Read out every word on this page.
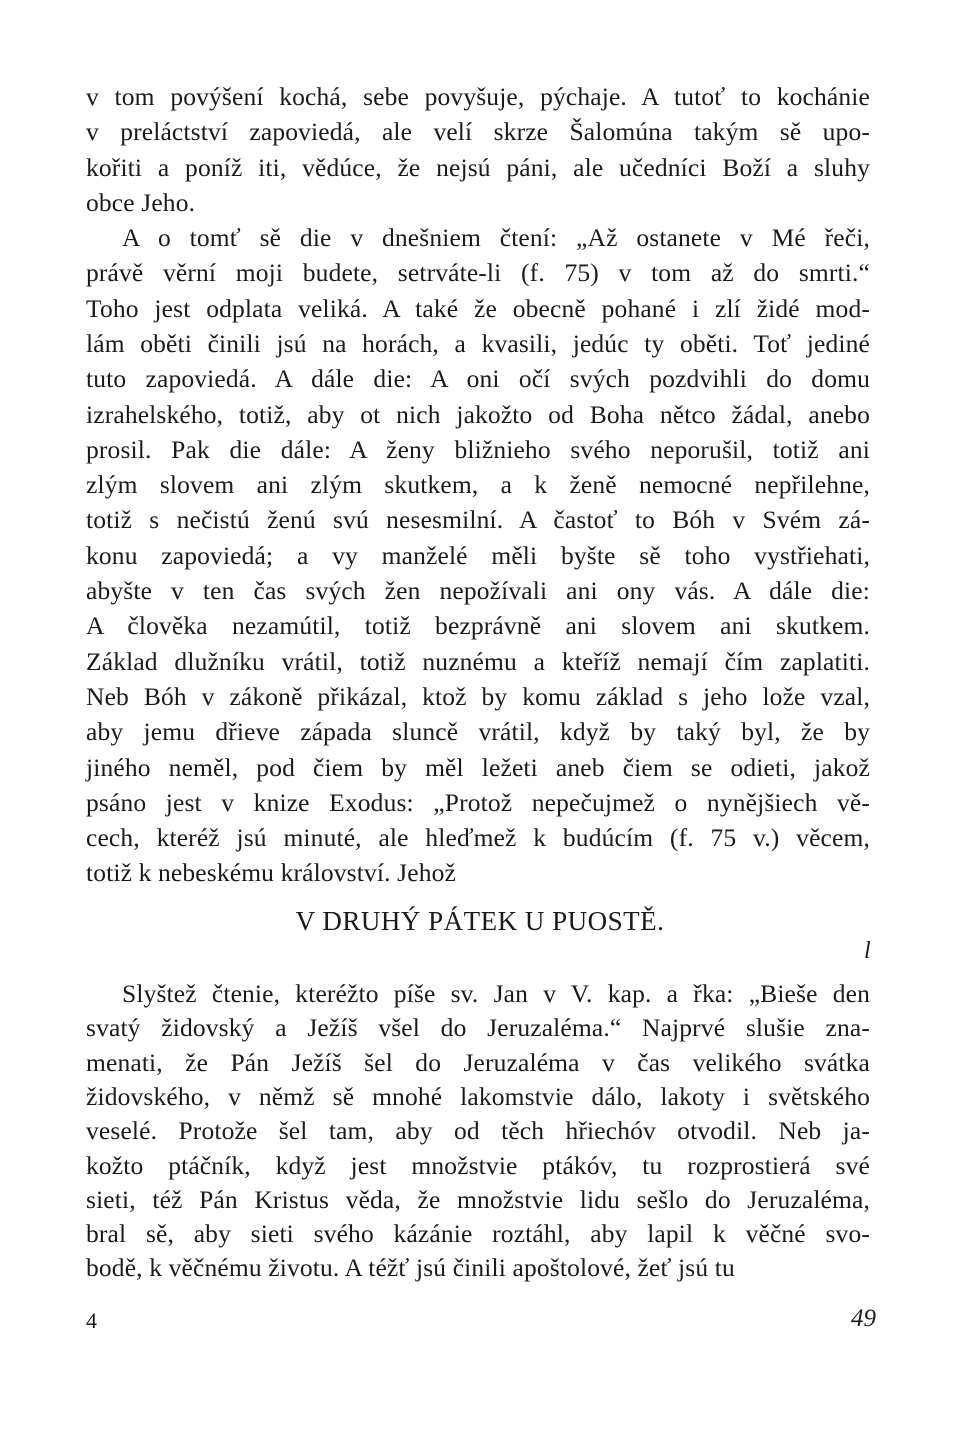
v tom povýšení kochá, sebe povyšuje, pýchaje. A tutoť to kochánie
v preláctství zapoviedá, ale velí skrze Šalomúna takým sě upo-
kořiti a poníž iti, vědúce, že nejsú páni, ale učedníci Boží a sluhy
obce Jeho.
A o tomť sě die v dnešniem čtení: „Až ostanete v Mé řeči,
právě věrní moji budete, setrváte-li (f. 75) v tom až do smrti.“
Toho jest odplata veliká. A také že obecně pohané i zlí židé mod-
lám oběti činili jsú na horách, a kvasili, jedúc ty oběti. Toť jediné
tuto zapoviedá. A dále die: A oni očí svých pozdvihli do domu
izrahelského, totiž, aby ot nich jakožto od Boha nětco žádal, anebo
prosil. Pak die dále: A ženy bližnieho svého neporušil, totiž ani
zlým slovem ani zlým skutkem, a k ženě nemocné nepřilehne,
totiž s nečistú ženú svú nesesmilní. A častoť to Bóh v Svém zá-
konu zapoviedá; a vy manželé měli byšte sě toho vystřiehati,
abyšte v ten čas svých žen nepožívali ani ony vás. A dále die:
A člověka nezamútil, totiž bezprávně ani slovem ani skutkem.
Základ dlužníku vrátil, totiž nuznému a kteříž nemají čím zaplatiti.
Neb Bóh v zákoně přikázal, ktož by komu základ s jeho lože vzal,
aby jemu dřieve západa sluncě vrátil, když by taký byl, že by
jiného neměl, pod čiem by měl ležeti aneb čiem se odieti, jakož
psáno jest v knize Exodus: „Protož nepečujmež o nynějšiech vě-
cech, kteréž jsú minuté, ale hleďmež k budúcím (f. 75 v.) věcem,
totiž k nebeskému království. Jehož
V DRUHÝ PÁTEK U PUOSTĚ.
l
Slyštež čtenie, kteréžto píše sv. Jan v V. kap. a řka: „Bieše den
svatý židovský a Ježíš všel do Jeruzaléma.“ Najprvé slušie zna-
menati, že Pán Ježíš šel do Jeruzaléma v čas velikého svátka
židovského, v němž sě mnohé lakomstvie dálo, lakoty i světského
veselé. Protože šel tam, aby od těch hřiechóv otvodil. Neb ja-
kožto ptáčník, když jest množstvie ptákóv, tu rozprostierá své
sieti, též Pán Kristus věda, že množstvie lidu sešlo do Jeruzaléma,
bral sě, aby sieti svého kázánie roztáhl, aby lapil k věčné svo-
bodě, k věčnému životu. A téžť jsú činili apoštolové, žeť jsú tu
4	49
